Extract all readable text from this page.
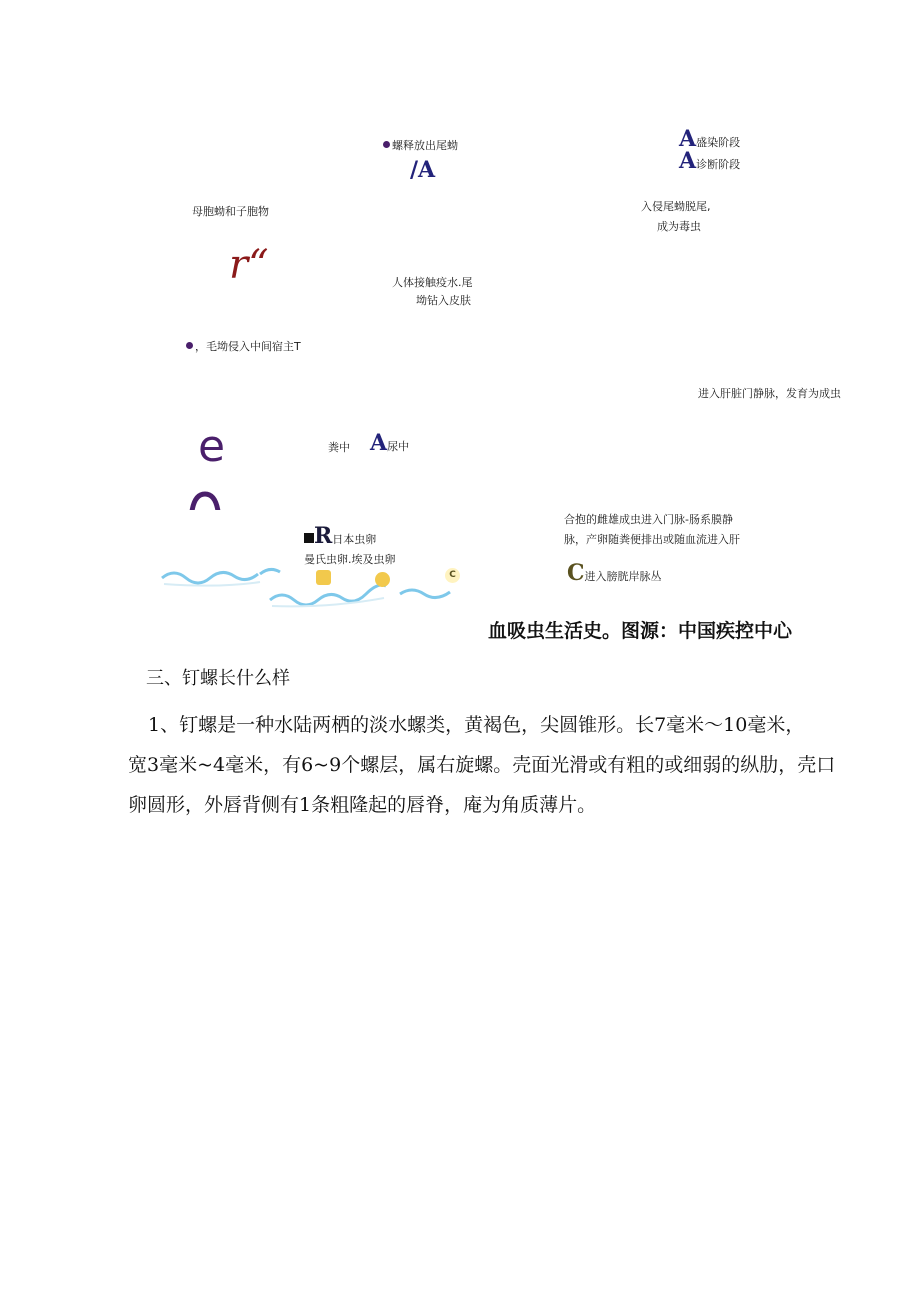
螺释放出尾蚴
/A
A盛染阶段
A诊断阶段
母胞蚴和子胞物	入侵尾蚴脱尾,
成为毒虫
r“	人体接触疫水.尾
坳钻入皮肤
，毛坳侵入中间宿主T
进入肝脏门静脉，发育为成虫
e	粪中 A尿中
合抱的雌雄成虫进入门脉-肠系膜静
脉，产卵随粪便排出或随血流进入肝
R日本虫卵
曼氏虫卵.埃及虫卵
C进入膀胱岸脉丛
C
血吸虫生活史。图源：中国疾控中心
三、钉螺长什么样
1、钉螺是一种水陆两栖的淡水螺类，黄褐色，尖圆锥形。长7毫米～10毫米，
宽3毫米~4毫米，有6~9个螺层，属右旋螺。壳面光滑或有粗的或细弱的纵肋，壳口
卵圆形，外唇背侧有1条粗隆起的唇脊，庵为角质薄片。
